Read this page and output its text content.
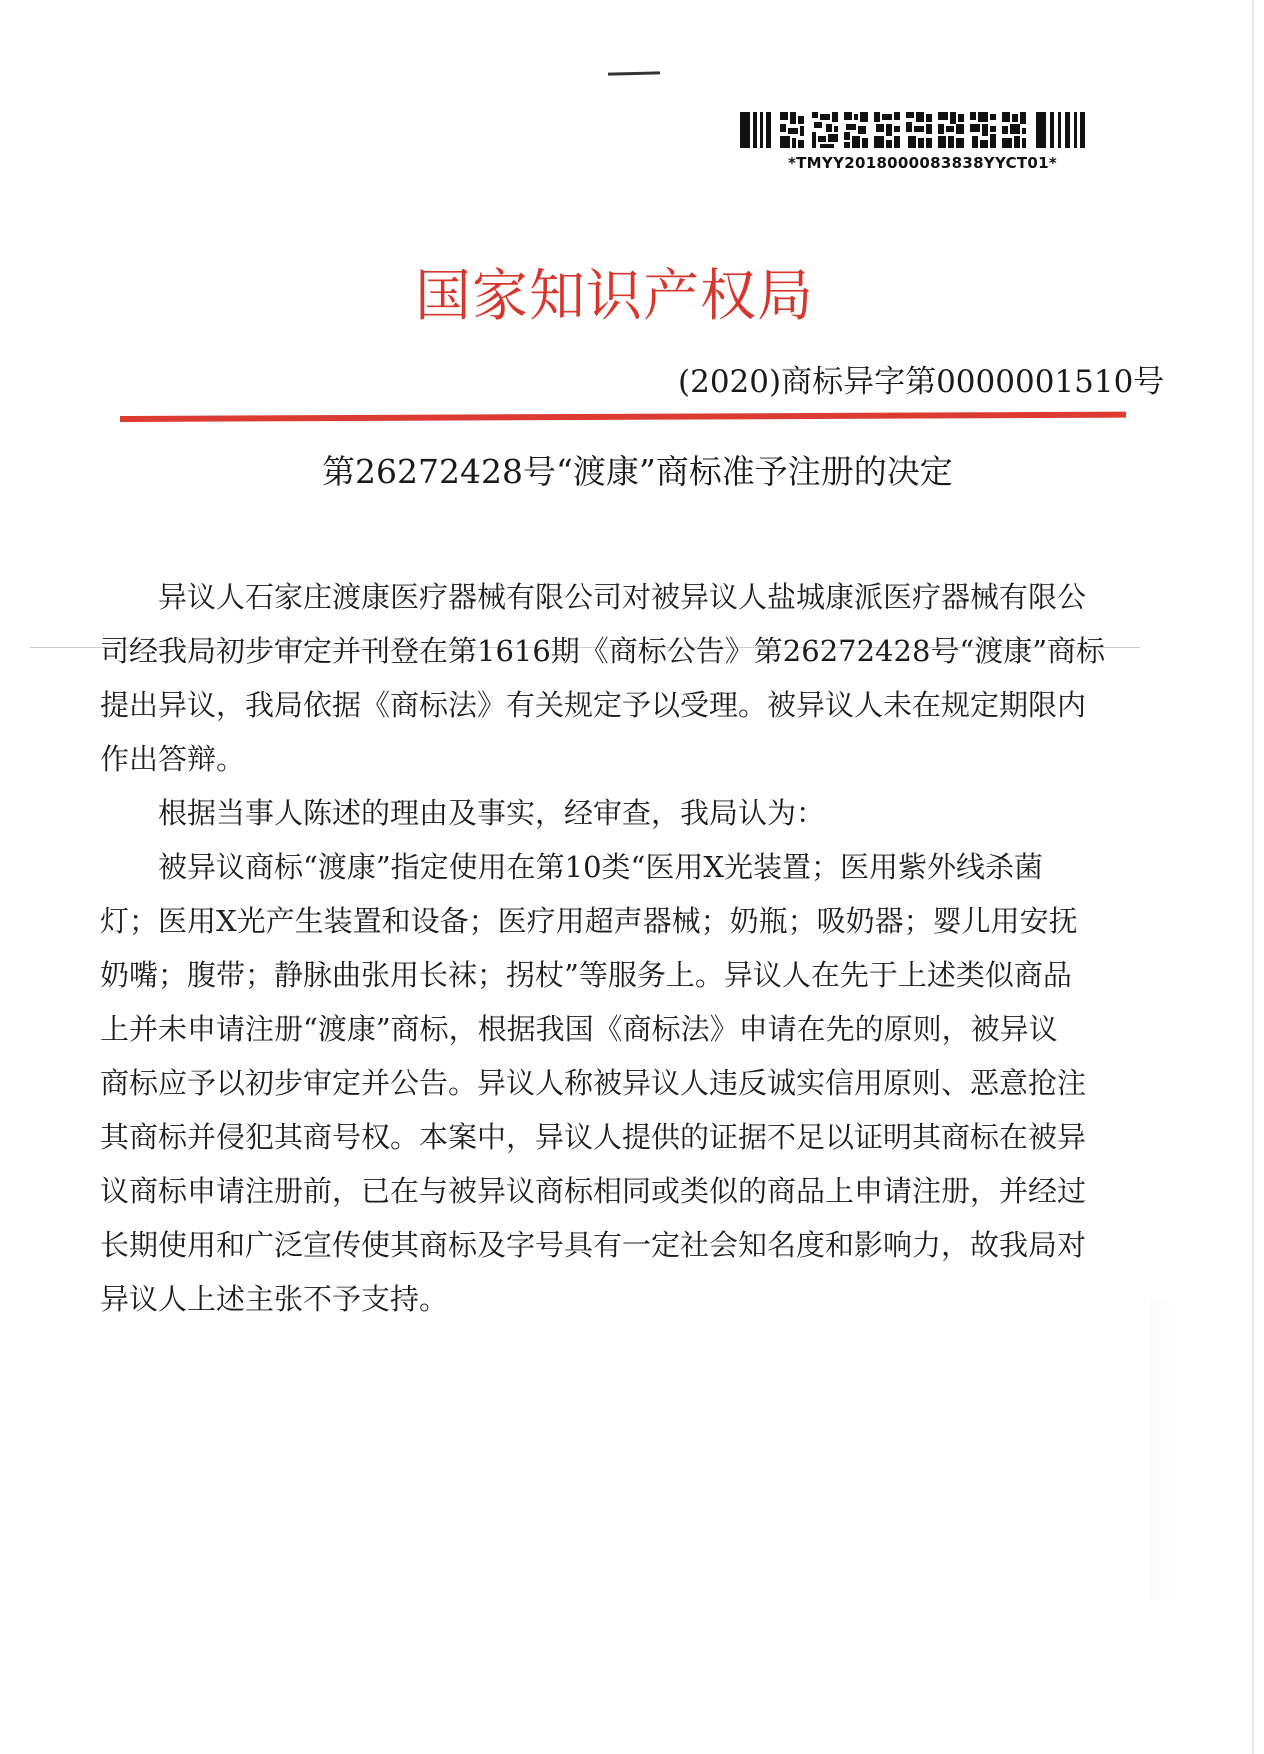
*TMYY2018000083838YYCT01*
国家知识产权局
(2020)商标异字第0000001510号
第26272428号“渡康”商标准予注册的决定

　　异议人石家庄渡康医疗器械有限公司对被异议人盐城康派医疗器械有限公

司经我局初步审定并刊登在第1616期《商标公告》第26272428号“渡康”商标

提出异议，我局依据《商标法》有关规定予以受理。被异议人未在规定期限内

作出答辩。

　　根据当事人陈述的理由及事实，经审查，我局认为：

　　被异议商标“渡康”指定使用在第10类“医用X光装置；医用紫外线杀菌

灯；医用X光产生装置和设备；医疗用超声器械；奶瓶；吸奶器；婴儿用安抚

奶嘴；腹带；静脉曲张用长袜；拐杖”等服务上。异议人在先于上述类似商品

上并未申请注册“渡康”商标，根据我国《商标法》申请在先的原则，被异议

商标应予以初步审定并公告。异议人称被异议人违反诚实信用原则、恶意抢注

其商标并侵犯其商号权。本案中，异议人提供的证据不足以证明其商标在被异

议商标申请注册前，已在与被异议商标相同或类似的商品上申请注册，并经过

长期使用和广泛宣传使其商标及字号具有一定社会知名度和影响力，故我局对

异议人上述主张不予支持。
